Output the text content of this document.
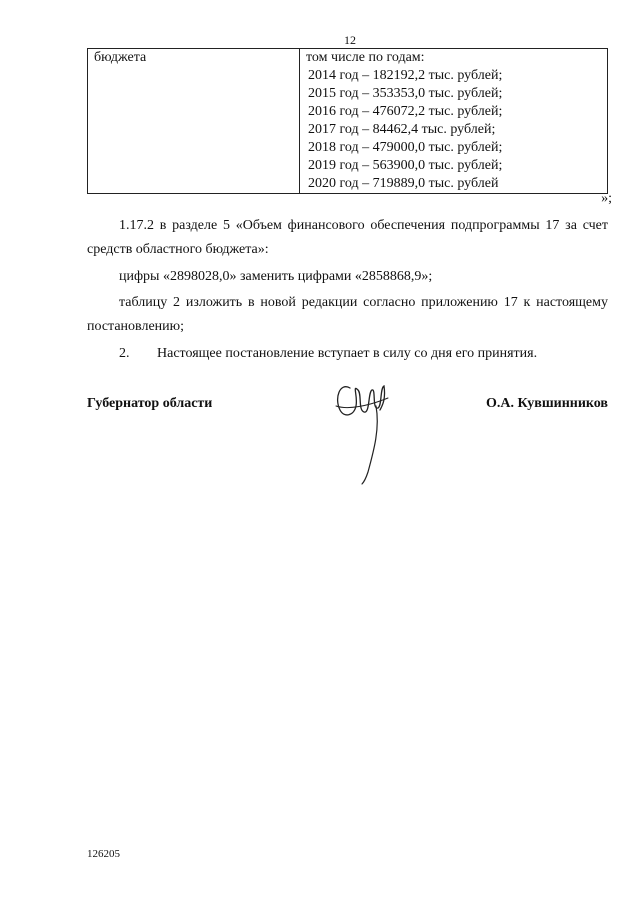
12
бюджета	том числе по годам:
2014 год – 182192,2 тыс. рублей;
2015 год – 353353,0 тыс. рублей;
2016 год – 476072,2 тыс. рублей;
2017 год – 84462,4 тыс. рублей;
2018 год – 479000,0 тыс. рублей;
2019 год – 563900,0 тыс. рублей;
2020 год – 719889,0 тыс. рублей
»;
1.17.2 в разделе 5 «Объем финансового обеспечения подпрограммы 17 за счет средств областного бюджета»:
цифры «2898028,0» заменить цифрами «2858868,9»;
таблицу 2 изложить в новой редакции согласно приложению 17 к настоящему постановлению;
2. Настоящее постановление вступает в силу со дня его принятия.
Губернатор области	О.А. Кувшинников
126205
